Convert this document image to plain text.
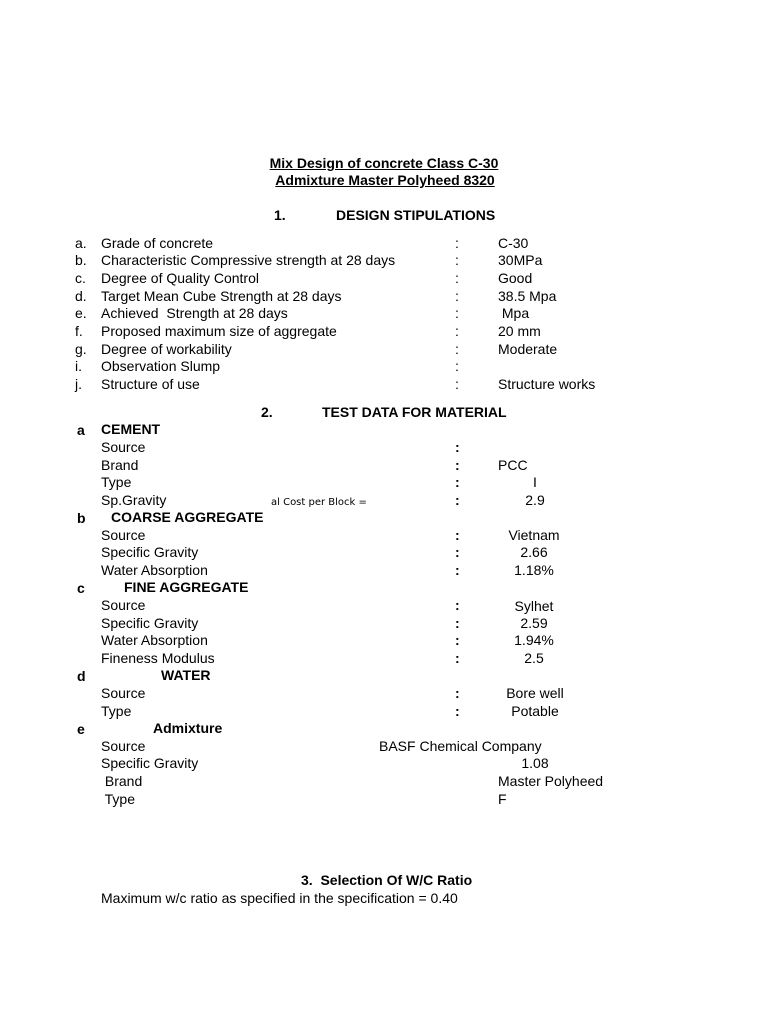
Mix Design of concrete Class C-30
Admixture Master Polyheed 8320
1.	DESIGN STIPULATIONS
a. Grade of concrete	:	C-30
b. Characteristic Compressive strength at 28 days	:	30MPa
c. Degree of Quality Control	:	Good
d. Target Mean Cube Strength at 28 days	:	38.5 Mpa
e. Achieved  Strength at 28 days	:	Mpa
f. Proposed maximum size of aggregate	:	20 mm
g. Degree of workability	:	Moderate
i. Observation Slump	:
j. Structure of use	:	Structure works
2.	TEST DATA FOR MATERIAL
a CEMENT
Source	:
Brand	:	PCC
Type	:	I
Sp.Gravity	al Cost per Block =	:	2.9
b COARSE AGGREGATE
Source	:	Vietnam
Specific Gravity	:	2.66
Water Absorption	:	1.18%
c	FINE AGGREGATE
Source	:	Sylhet
Specific Gravity	:	2.59
Water Absorption	:	1.94%
Fineness Modulus	:	2.5
d	WATER
Source	:	Bore well
Type	:	Potable
e	Admixture
Source	BASF Chemical Company
Specific Gravity	1.08
Brand	Master Polyheed
Type	F
3.  Selection Of W/C Ratio
Maximum w/c ratio as specified in the specification = 0.40
